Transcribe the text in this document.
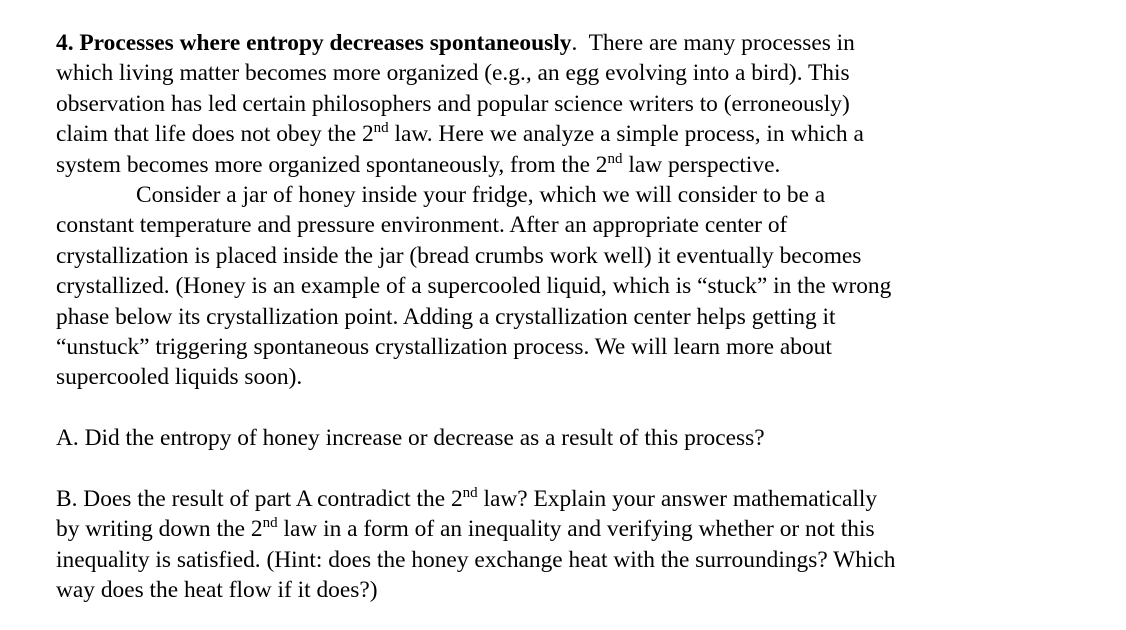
4. Processes where entropy decreases spontaneously.  There are many processes in
which living matter becomes more organized (e.g., an egg evolving into a bird). This
observation has led certain philosophers and popular science writers to (erroneously)
claim that life does not obey the 2nd law. Here we analyze a simple process, in which a
system becomes more organized spontaneously, from the 2nd law perspective.
Consider a jar of honey inside your fridge, which we will consider to be a
constant temperature and pressure environment. After an appropriate center of
crystallization is placed inside the jar (bread crumbs work well) it eventually becomes
crystallized. (Honey is an example of a supercooled liquid, which is “stuck” in the wrong
phase below its crystallization point. Adding a crystallization center helps getting it
“unstuck” triggering spontaneous crystallization process. We will learn more about
supercooled liquids soon).
A. Did the entropy of honey increase or decrease as a result of this process?
B. Does the result of part A contradict the 2nd law? Explain your answer mathematically
by writing down the 2nd law in a form of an inequality and verifying whether or not this
inequality is satisfied. (Hint: does the honey exchange heat with the surroundings? Which
way does the heat flow if it does?)
